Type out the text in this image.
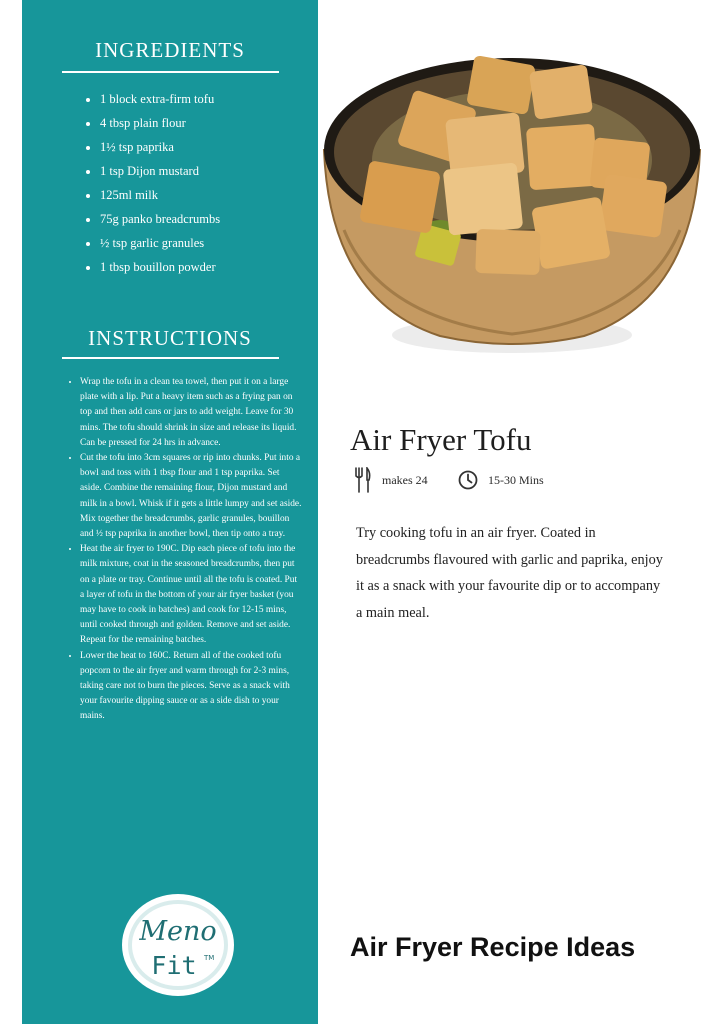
INGREDIENTS
• 1 block extra-firm tofu
• 4 tbsp plain flour
• 1½ tsp paprika
• 1 tsp Dijon mustard
• 125ml milk
• 75g panko breadcrumbs
• ½ tsp garlic granules
• 1 tbsp bouillon powder
INSTRUCTIONS
• Wrap the tofu in a clean tea towel, then put it on a large plate with a lip. Put a heavy item such as a frying pan on top and then add cans or jars to add weight. Leave for 30 mins. The tofu should shrink in size and release its liquid. Can be pressed for 24 hrs in advance.
• Cut the tofu into 3cm squares or rip into chunks. Put into a bowl and toss with 1 tbsp flour and 1 tsp paprika. Set aside. Combine the remaining flour, Dijon mustard and milk in a bowl. Whisk if it gets a little lumpy and set aside. Mix together the breadcrumbs, garlic granules, bouillon and ½ tsp paprika in another bowl, then tip onto a tray.
• Heat the air fryer to 190C. Dip each piece of tofu into the milk mixture, coat in the seasoned breadcrumbs, then put on a plate or tray. Continue until all the tofu is coated. Put a layer of tofu in the bottom of your air fryer basket (you may have to cook in batches) and cook for 12-15 mins, until cooked through and golden. Remove and set aside. Repeat for the remaining batches.
• Lower the heat to 160C. Return all of the cooked tofu popcorn to the air fryer and warm through for 2-3 mins, taking care not to burn the pieces. Serve as a snack with your favourite dipping sauce or as a side dish to your mains.
Meno
Fit TM
Air Fryer Tofu
makes 24	15-30 Mins

Try cooking tofu in an air fryer. Coated in breadcrumbs flavoured with garlic and paprika, enjoy it as a snack with your favourite dip or to accompany a main meal.

Air Fryer Recipe Ideas
